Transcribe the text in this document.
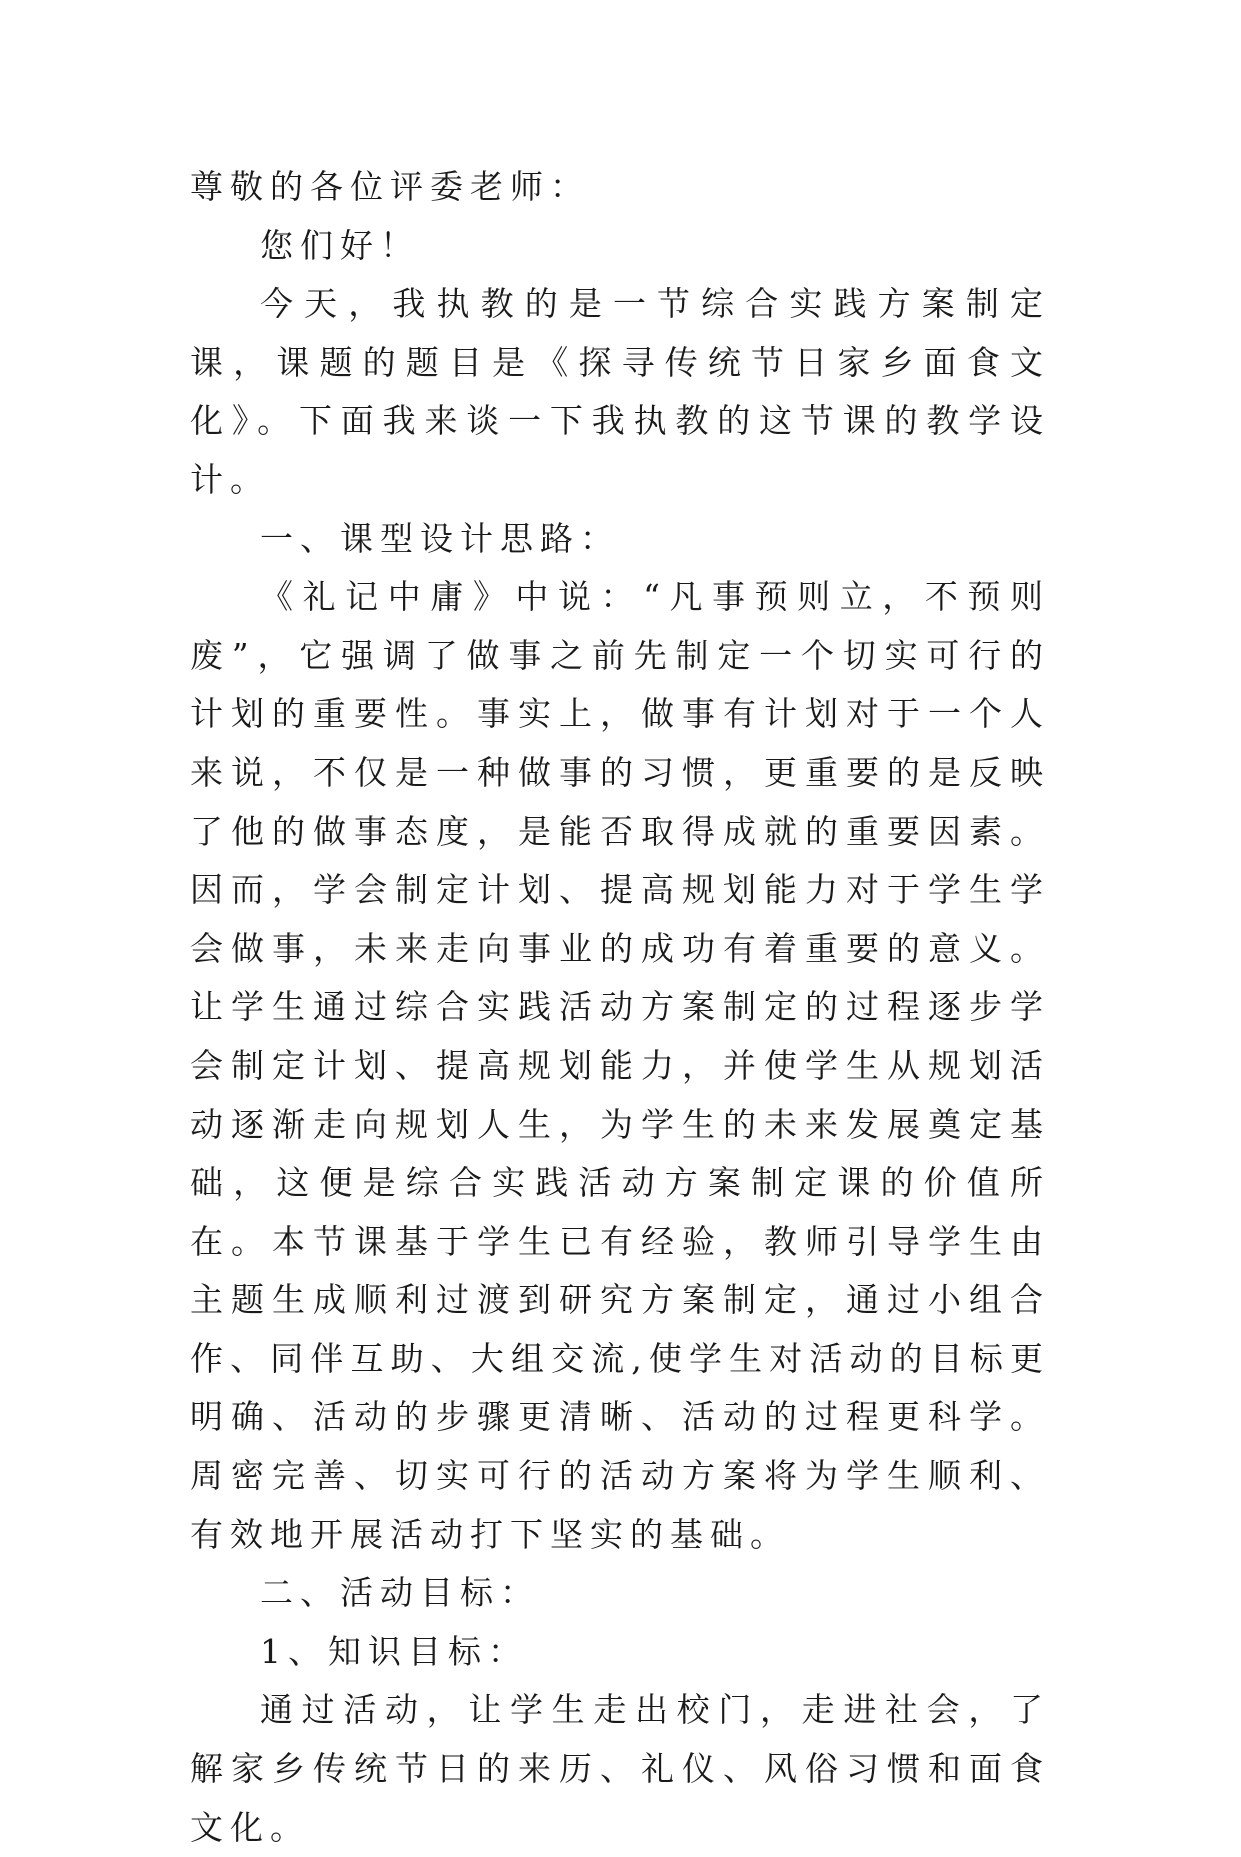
尊敬的各位评委老师：

您们好！

今天，我执教的是一节综合实践方案制定课，课题的题目是《探寻传统节日家乡面食文化》。下面我来谈一下我执教的这节课的教学设计。

一、课型设计思路：

《礼记中庸》中说：“凡事预则立，不预则废”，它强调了做事之前先制定一个切实可行的计划的重要性。事实上，做事有计划对于一个人来说，不仅是一种做事的习惯，更重要的是反映了他的做事态度，是能否取得成就的重要因素。因而，学会制定计划、提高规划能力对于学生学会做事，未来走向事业的成功有着重要的意义。让学生通过综合实践活动方案制定的过程逐步学会制定计划、提高规划能力，并使学生从规划活动逐渐走向规划人生，为学生的未来发展奠定基础，这便是综合实践活动方案制定课的价值所在。本节课基于学生已有经验，教师引导学生由主题生成顺利过渡到研究方案制定，通过小组合作、同伴互助、大组交流,使学生对活动的目标更明确、活动的步骤更清晰、活动的过程更科学。周密完善、切实可行的活动方案将为学生顺利、有效地开展活动打下坚实的基础。

二、活动目标：

1、知识目标：

通过活动，让学生走出校门，走进社会，了解家乡传统节日的来历、礼仪、风俗习惯和面食文化。
